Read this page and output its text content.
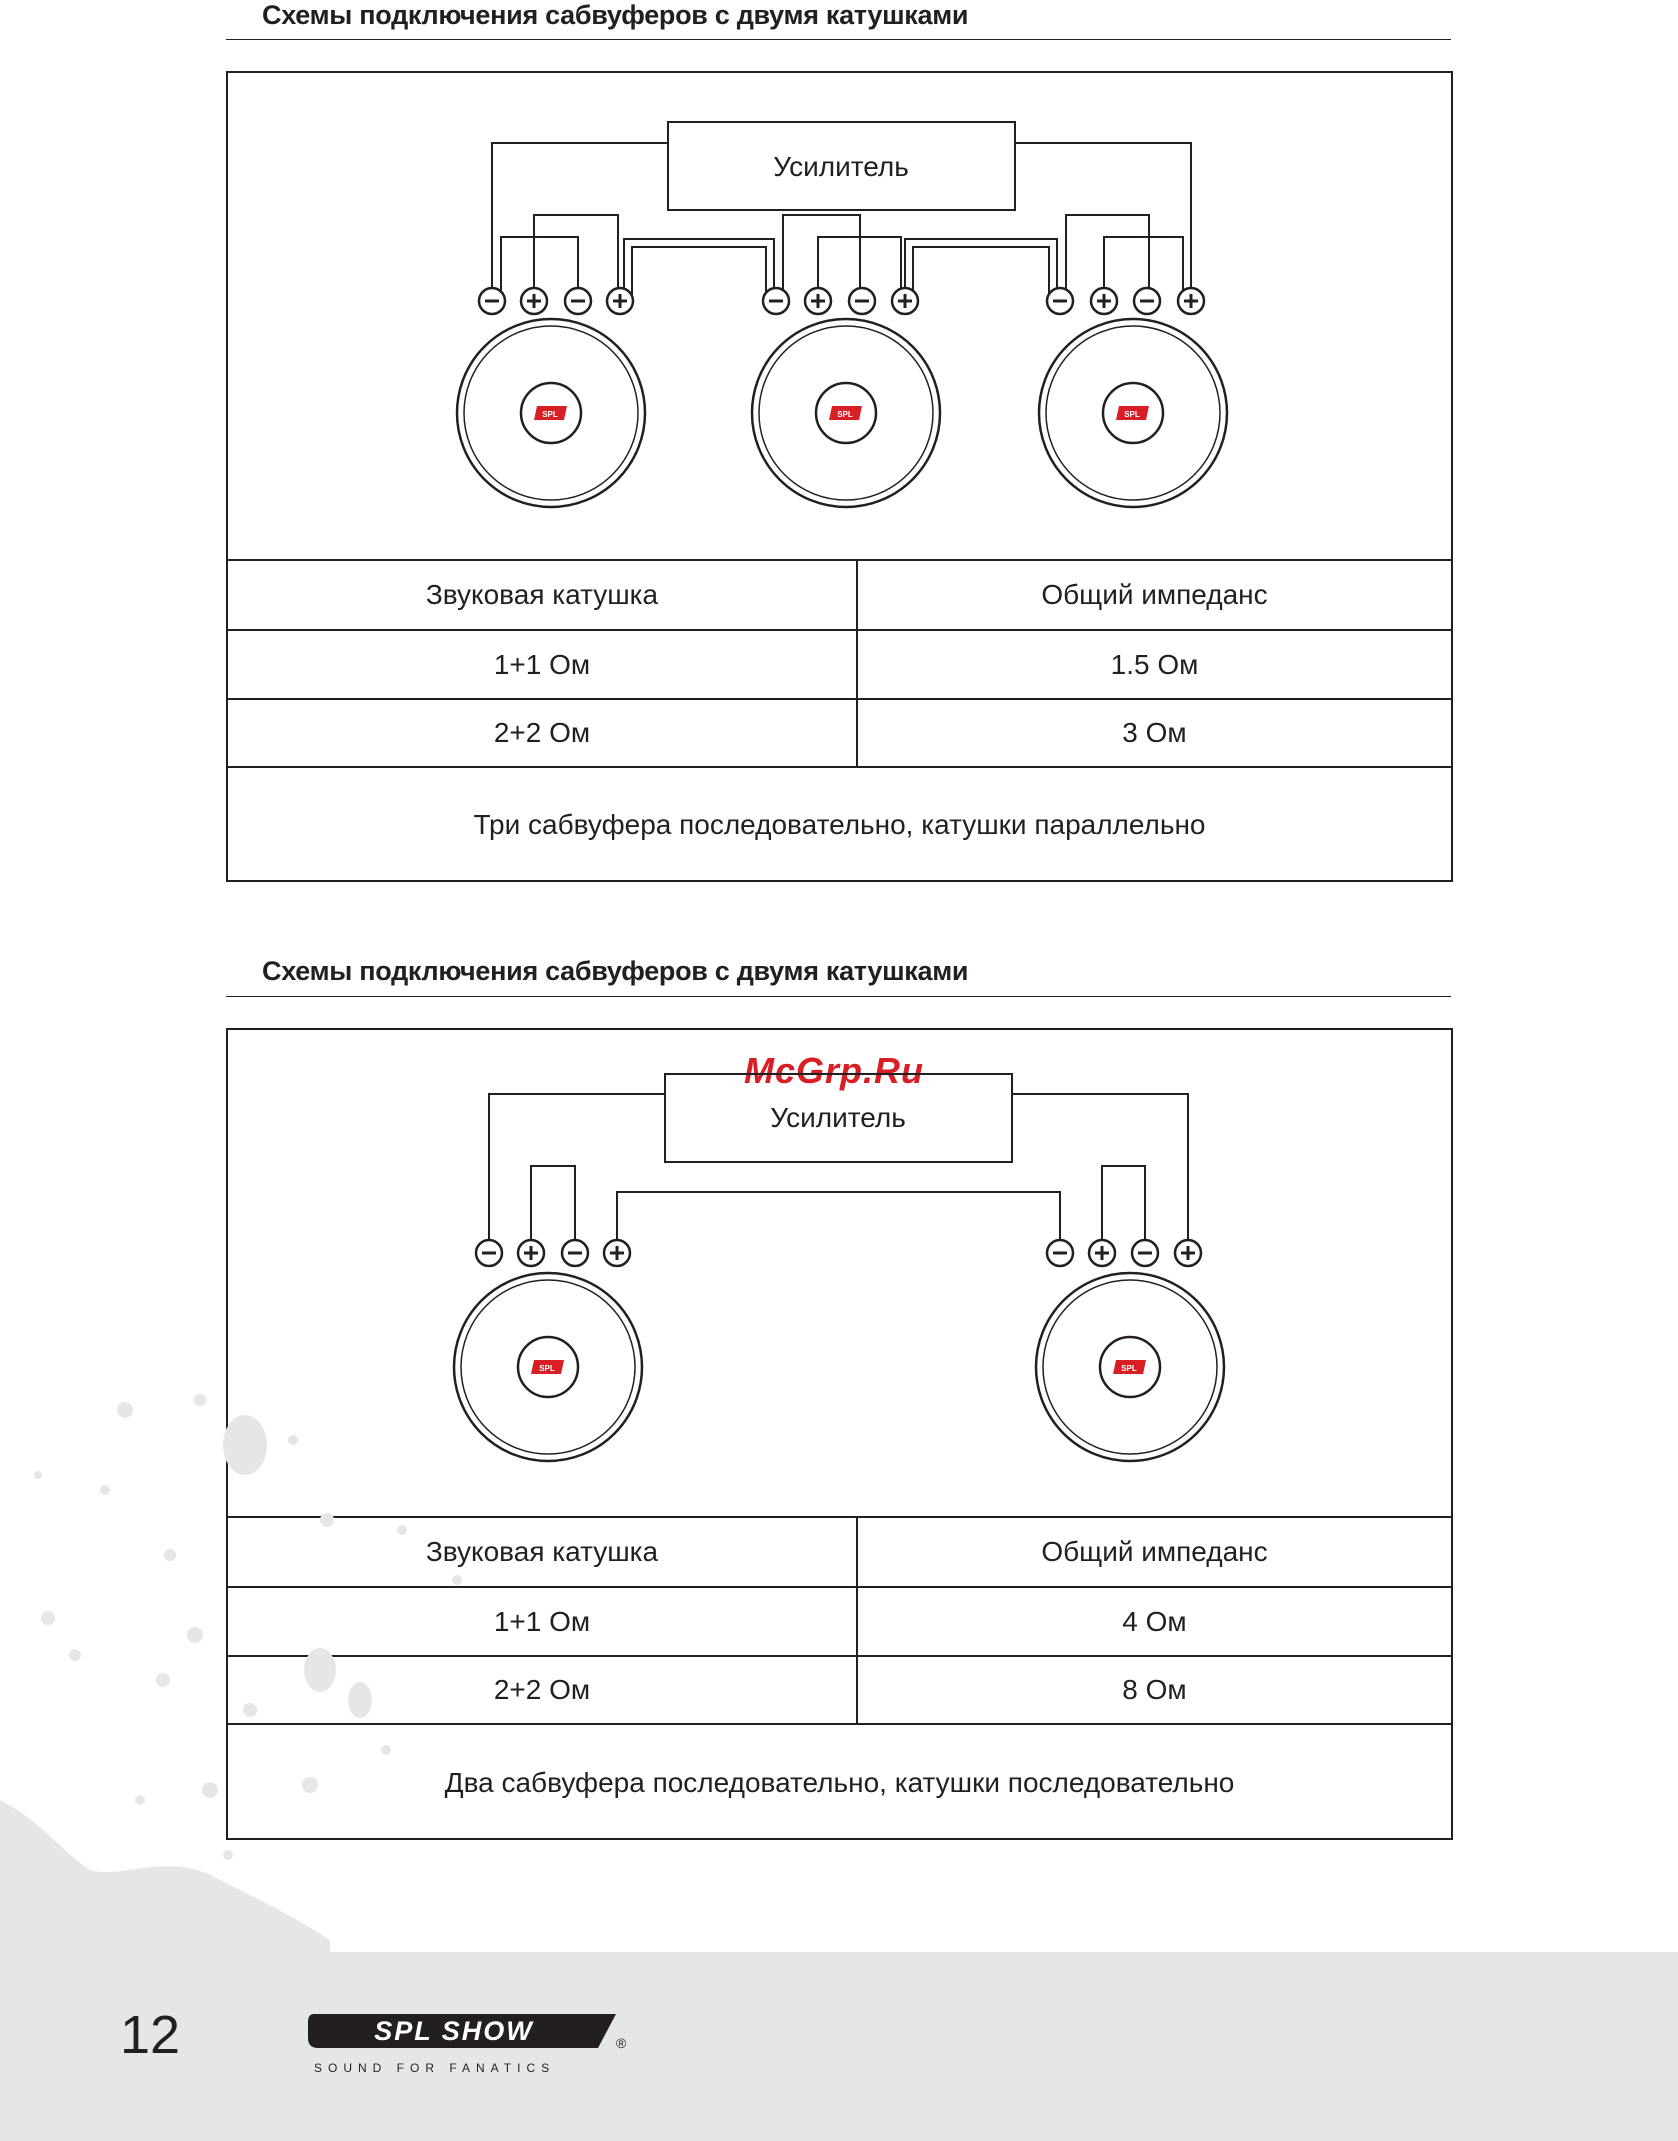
Схемы подключения сабвуферов с двумя катушками
SPL	SPL	SPL
Усилитель
Звуковая катушка	Общий импеданс
1+1 Ом	1.5 Ом
2+2 Ом	3 Ом
Три сабвуфера последовательно, катушки параллельно
Схемы подключения сабвуферов с двумя катушками
McGrp.Ru
SPL	SPL
Усилитель
Звуковая катушка	Общий импеданс
1+1 Ом	4 Ом
2+2 Ом	8 Ом
Два сабвуфера последовательно, катушки последовательно
12	SPL SHOW	®
SOUND FOR FANATICS
